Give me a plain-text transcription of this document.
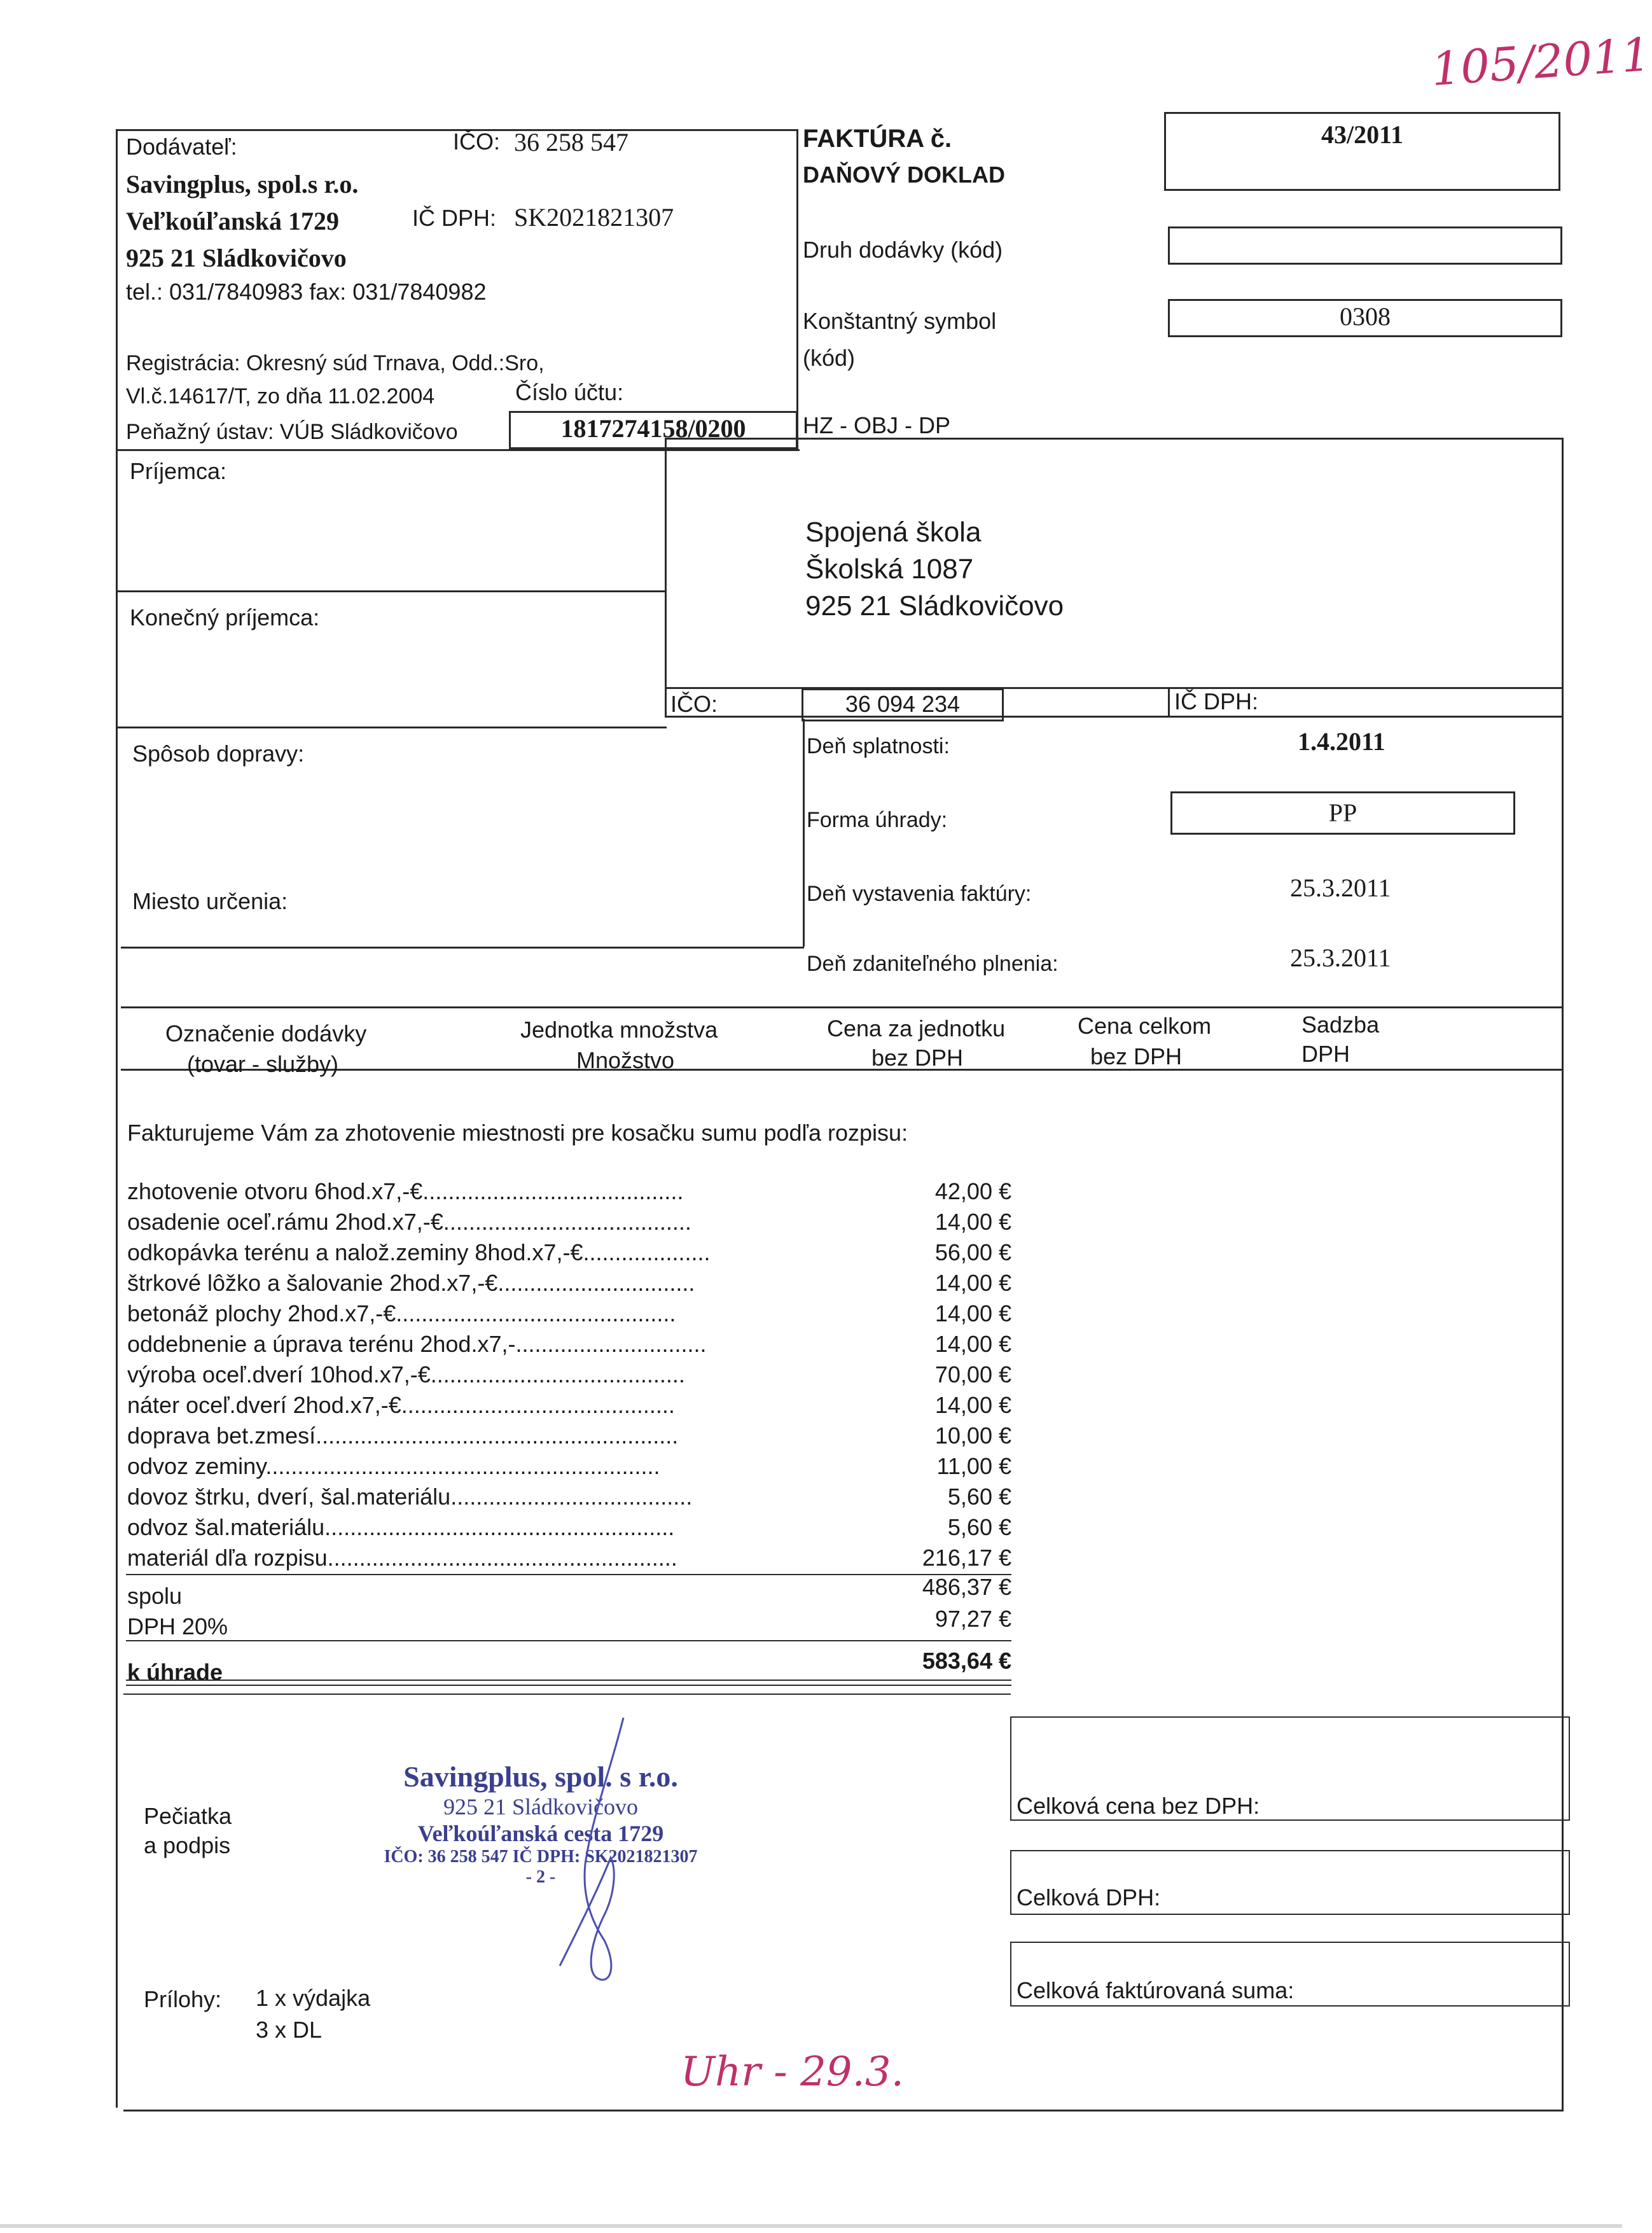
105/2011
Dodávateľ:	IČO: 36 258 547
Savingplus, spol.s r.o.
Veľkoúľanská 1729	IČ DPH: SK2021821307
925 21 Sládkovičovo
tel.: 031/7840983 fax: 031/7840982
Registrácia: Okresný súd Trnava, Odd.:Sro,
Vl.č.14617/T, zo dňa 11.02.2004	Číslo účtu:
Peňažný ústav: VÚB Sládkovičovo	1817274158/0200
FAKTÚRA č.
DAŇOVÝ DOKLAD
43/2011
Druh dodávky (kód)
Konštantný symbol
(kód)
0308
HZ - OBJ - DP
Príjemca:
Konečný príjemca:
Spojená škola
Školská 1087
925 21 Sládkovičovo
IČO:	36 094 234	IČ DPH:
Spôsob dopravy:
Miesto určenia:
Deň splatnosti:	1.4.2011
Forma úhrady:	PP
Deň vystavenia faktúry:	25.3.2011
Deň zdaniteľného plnenia:	25.3.2011
Označenie dodávky
(tovar - služby)
Jednotka množstva
Množstvo
Cena za jednotku
bez DPH
Cena celkom
bez DPH
Sadzba
DPH
Fakturujeme Vám za zhotovenie miestnosti pre kosačku sumu podľa rozpisu:
zhotovenie otvoru 6hod.x7,-€.........................................	42,00 €
osadenie oceľ.rámu 2hod.x7,-€.......................................	14,00 €
odkopávka terénu a nalož.zeminy 8hod.x7,-€....................	56,00 €
štrkové lôžko a šalovanie 2hod.x7,-€...............................	14,00 €
betonáž plochy 2hod.x7,-€............................................	14,00 €
oddebnenie a úprava terénu 2hod.x7,-..............................	14,00 €
výroba oceľ.dverí 10hod.x7,-€........................................	70,00 €
náter oceľ.dverí 2hod.x7,-€...........................................	14,00 €
doprava bet.zmesí.........................................................	10,00 €
odvoz zeminy..............................................................	11,00 €
dovoz štrku, dverí, šal.materiálu......................................	5,60 €
odvoz šal.materiálu.......................................................	5,60 €
materiál dľa rozpisu.......................................................	216,17 €
spolu	486,37 €
DPH 20%	97,27 €
k úhrade	583,64 €
Pečiatka
a podpis
Prílohy: 1 x výdajka
3 x DL
Savingplus, spol. s r.o.
925 21 Sládkovičovo
Veľkoúľanská cesta 1729
IČO: 36 258 547 IČ DPH: SK2021821307
- 2 -
Celková cena bez DPH:
Celková DPH:
Celková faktúrovaná suma:
Uhr - 29.3.
